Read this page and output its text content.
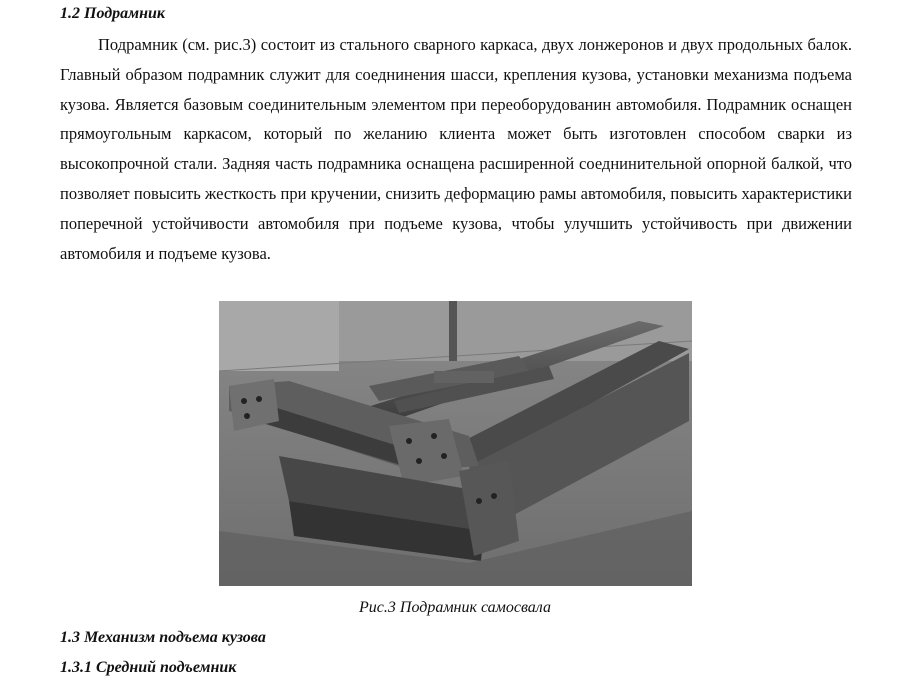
1.2 Подрамник

Подрамник (см. рис.3) состоит из стального сварного каркаса, двух лонжеронов и двух продольных балок. Главный образом подрамник служит для соеднинения шасси, крепления кузова, установки механизма подъема кузова. Является базовым соединительным элементом при переоборудованин автомобиля. Подрамник оснащен прямоугольным каркасом, который по желанию клиента может быть изготовлен способом сварки из высокопрочной стали. Задняя часть подрамника оснащена расширенной соеднинительной опорной балкой, что позволяет повысить жесткость при кручении, снизить деформацию рамы автомобиля, повысить характеристики поперечной устойчивости автомобиля при подъеме кузова, чтобы улучшить устойчивость при движении автомобиля и подъеме кузова.

Рис.3 Подрамник самосвала
1.3 Механизм подъема кузова
1.3.1 Средний подъемник
